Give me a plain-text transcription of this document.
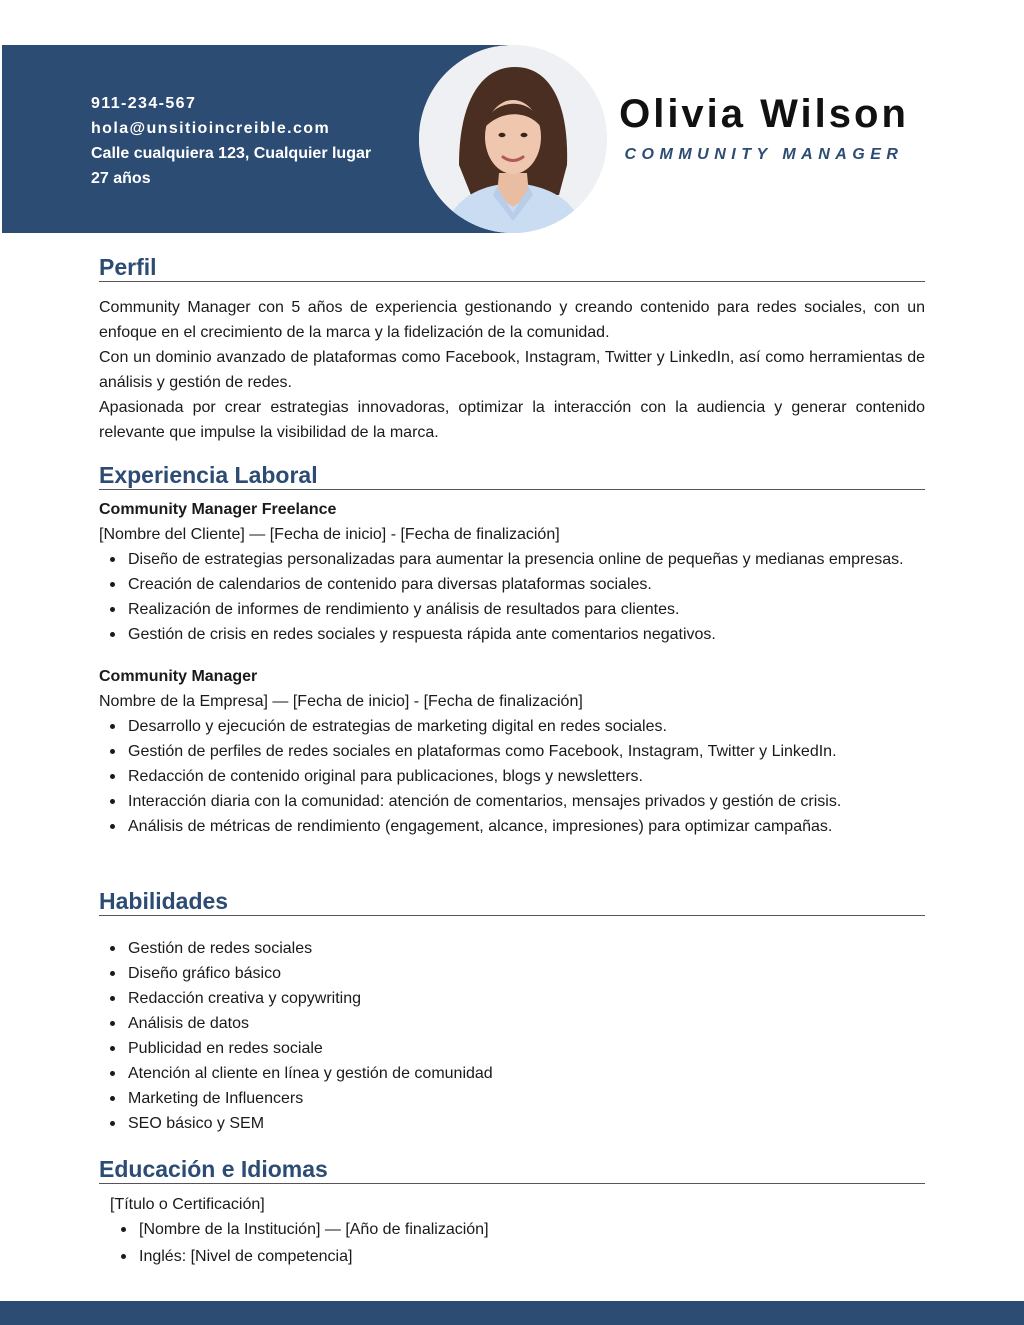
911-234-567
hola@unsitioincreible.com
Calle cualquiera 123, Cualquier lugar
27 años
Olivia Wilson
COMMUNITY MANAGER
Perfil
Community Manager con 5 años de experiencia gestionando y creando contenido para redes sociales, con un enfoque en el crecimiento de la marca y la fidelización de la comunidad.
Con un dominio avanzado de plataformas como Facebook, Instagram, Twitter y LinkedIn, así como herramientas de análisis y gestión de redes.
Apasionada por crear estrategias innovadoras, optimizar la interacción con la audiencia y generar contenido relevante que impulse la visibilidad de la marca.
Experiencia Laboral
Community Manager Freelance
[Nombre del Cliente] — [Fecha de inicio] - [Fecha de finalización]
Diseño de estrategias personalizadas para aumentar la presencia online de pequeñas y medianas empresas.
Creación de calendarios de contenido para diversas plataformas sociales.
Realización de informes de rendimiento y análisis de resultados para clientes.
Gestión de crisis en redes sociales y respuesta rápida ante comentarios negativos.
Community Manager
Nombre de la Empresa] — [Fecha de inicio] - [Fecha de finalización]
Desarrollo y ejecución de estrategias de marketing digital en redes sociales.
Gestión de perfiles de redes sociales en plataformas como Facebook, Instagram, Twitter y LinkedIn.
Redacción de contenido original para publicaciones, blogs y newsletters.
Interacción diaria con la comunidad: atención de comentarios, mensajes privados y gestión de crisis.
Análisis de métricas de rendimiento (engagement, alcance, impresiones) para optimizar campañas.
Habilidades
Gestión de redes sociales
Diseño gráfico básico
Redacción creativa y copywriting
Análisis de datos
Publicidad en redes sociale
Atención al cliente en línea y gestión de comunidad
Marketing de Influencers
SEO básico y SEM
Educación e Idiomas
[Título o Certificación]
[Nombre de la Institución] — [Año de finalización]
Inglés: [Nivel de competencia]
